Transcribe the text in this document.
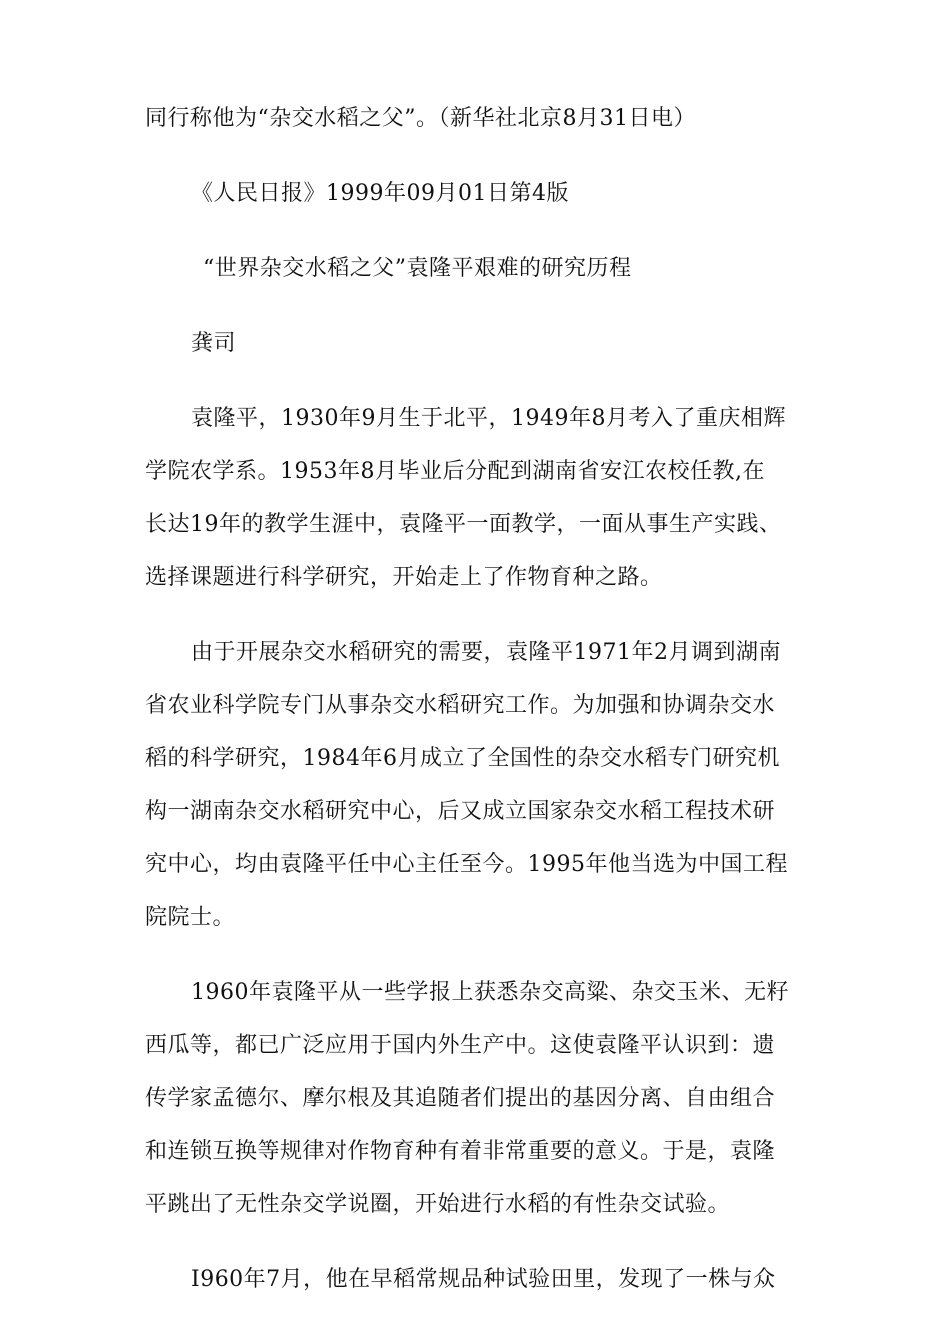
同行称他为“杂交水稻之父”。（新华社北京8月31日电）
《人民日报》1999年09月01日第4版
“世界杂交水稻之父”袁隆平艰难的研究历程
龚司
袁隆平，1930年9月生于北平，1949年8月考入了重庆相辉
学院农学系。1953年8月毕业后分配到湖南省安江农校任教,在
长达19年的教学生涯中，袁隆平一面教学，一面从事生产实践、
选择课题进行科学研究，开始走上了作物育种之路。
由于开展杂交水稻研究的需要，袁隆平1971年2月调到湖南
省农业科学院专门从事杂交水稻研究工作。为加强和协调杂交水
稻的科学研究，1984年6月成立了全国性的杂交水稻专门研究机
构一湖南杂交水稻研究中心，后又成立国家杂交水稻工程技术研
究中心，均由袁隆平任中心主任至今。1995年他当选为中国工程
院院士。
1960年袁隆平从一些学报上获悉杂交高粱、杂交玉米、无籽
西瓜等，都已广泛应用于国内外生产中。这使袁隆平认识到：遗
传学家孟德尔、摩尔根及其追随者们提出的基因分离、自由组合
和连锁互换等规律对作物育种有着非常重要的意义。于是，袁隆
平跳出了无性杂交学说圈，开始进行水稻的有性杂交试验。
I960年7月，他在早稻常规品种试验田里，发现了一株与众
